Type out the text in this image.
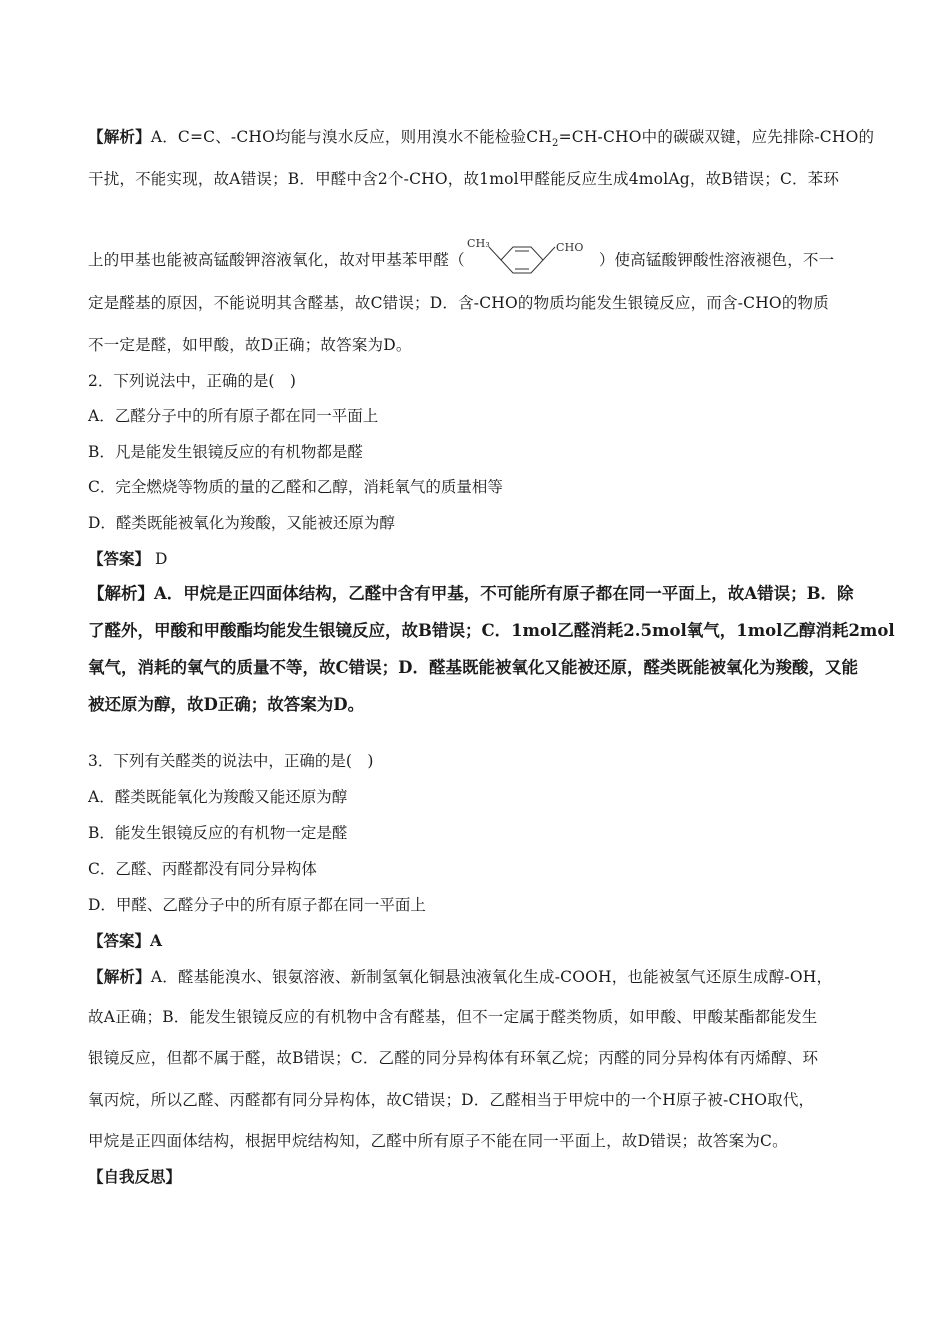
【解析】A．C=C、-CHO均能与溴水反应，则用溴水不能检验$CH_2=CH$-CHO中的碳碳双键，应先排除-CHO的
干扰，不能实现，故A错误；B．甲醛中含2个-CHO，故1mol甲醛能反应生成4molAg，故B错误；C．苯环
上的甲基也能被高锰酸钾溶液氧化，故对甲基苯甲醛（
CH₃	CHO
）使高锰酸钾酸性溶液褪色，不一
定是醛基的原因，不能说明其含醛基，故C错误；D．含-CHO的物质均能发生银镜反应，而含-CHO的物质
不一定是醛，如甲酸，故D正确；故答案为D。
2．下列说法中，正确的是(　)
A．乙醛分子中的所有原子都在同一平面上
B．凡是能发生银镜反应的有机物都是醛
C．完全燃烧等物质的量的乙醛和乙醇，消耗氧气的质量相等
D．醛类既能被氧化为羧酸，又能被还原为醇
【答案】 D
【解析】A．甲烷是正四面体结构，乙醛中含有甲基，不可能所有原子都在同一平面上，故A错误；B．除
了醛外，甲酸和甲酸酯均能发生银镜反应，故B错误；C．1mol乙醛消耗2.5mol氧气，1mol乙醇消耗2mol
氧气，消耗的氧气的质量不等，故C错误；D．醛基既能被氧化又能被还原，醛类既能被氧化为羧酸，又能
被还原为醇，故D正确；故答案为D。
3．下列有关醛类的说法中，正确的是(　)
A．醛类既能氧化为羧酸又能还原为醇
B．能发生银镜反应的有机物一定是醛
C．乙醛、丙醛都没有同分异构体
D．甲醛、乙醛分子中的所有原子都在同一平面上
【答案】A
【解析】A．醛基能溴水、银氨溶液、新制氢氧化铜悬浊液氧化生成-COOH，也能被氢气还原生成醇-OH，
故A正确；B．能发生银镜反应的有机物中含有醛基，但不一定属于醛类物质，如甲酸、甲酸某酯都能发生
银镜反应，但都不属于醛，故B错误；C．乙醛的同分异构体有环氧乙烷；丙醛的同分异构体有丙烯醇、环
氧丙烷，所以乙醛、丙醛都有同分异构体，故C错误；D．乙醛相当于甲烷中的一个H原子被-CHO取代，
甲烷是正四面体结构，根据甲烷结构知，乙醛中所有原子不能在同一平面上，故D错误；故答案为C。
【自我反思】
